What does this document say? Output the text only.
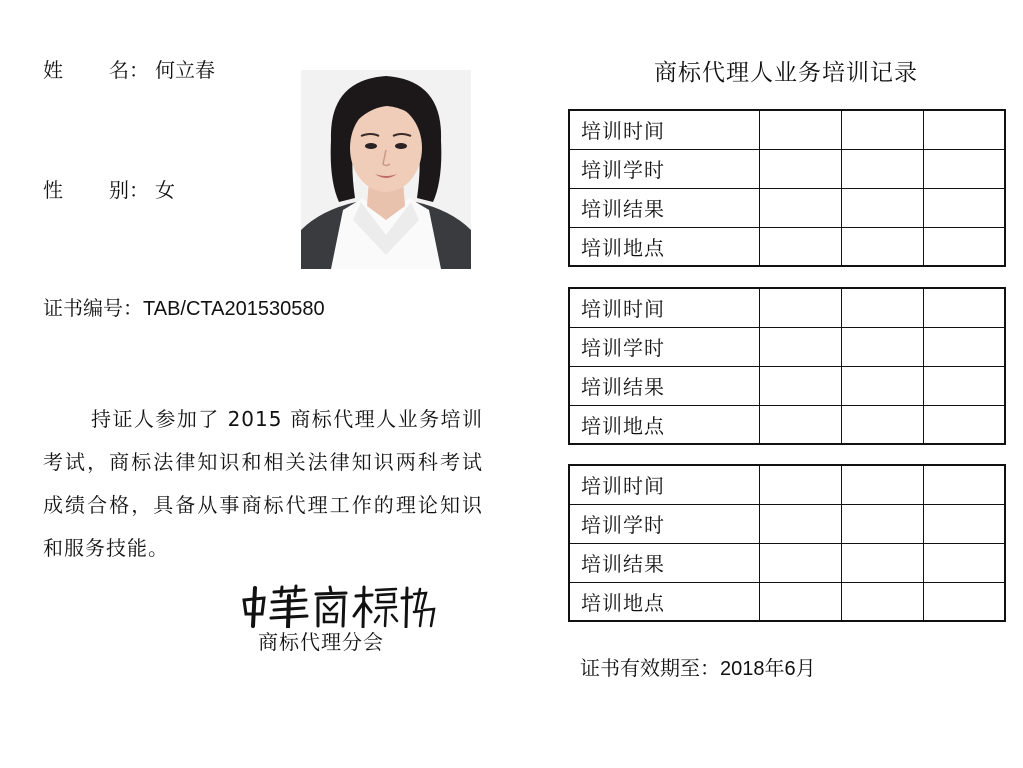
姓 名： 何立春
性 别： 女
证书编号：TAB/CTA201530580
持证人参加了 2015 商标代理人业务培训考试，商标法律知识和相关法律知识两科考试成绩合格，具备从事商标代理工作的理论知识和服务技能。
商标代理分会
商标代理人业务培训记录
培训时间			
培训学时			
培训结果			
培训地点			
培训时间			
培训学时			
培训结果			
培训地点			
培训时间			
培训学时			
培训结果			
培训地点			
证书有效期至：2018年6月
